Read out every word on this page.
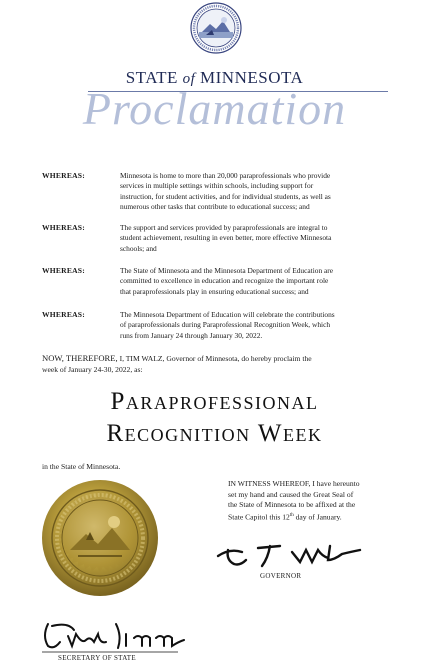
STATE of MINNESOTA
Proclamation
WHEREAS:	Minnesota is home to more than 20,000 paraprofessionals who provide
services in multiple settings within schools, including support for
instruction, for student activities, and for individual students, as well as
numerous other tasks that contribute to educational success; and
WHEREAS:	The support and services provided by paraprofessionals are integral to
student achievement, resulting in even better, more effective Minnesota
schools; and
WHEREAS:	The State of Minnesota and the Minnesota Department of Education are
committed to excellence in education and recognize the important role
that paraprofessionals play in ensuring educational success; and
WHEREAS:	The Minnesota Department of Education will celebrate the contributions
of paraprofessionals during Paraprofessional Recognition Week, which
runs from January 24 through January 30, 2022.
NOW, THEREFORE, I, TIM WALZ, Governor of Minnesota, do hereby proclaim the
week of January 24-30, 2022, as:
Paraprofessional
Recognition Week
in the State of Minnesota.
IN WITNESS WHEREOF, I have hereunto
set my hand and caused the Great Seal of
the State of Minnesota to be affixed at the
State Capitol this 12th day of January.
GOVERNOR
SECRETARY OF STATE
